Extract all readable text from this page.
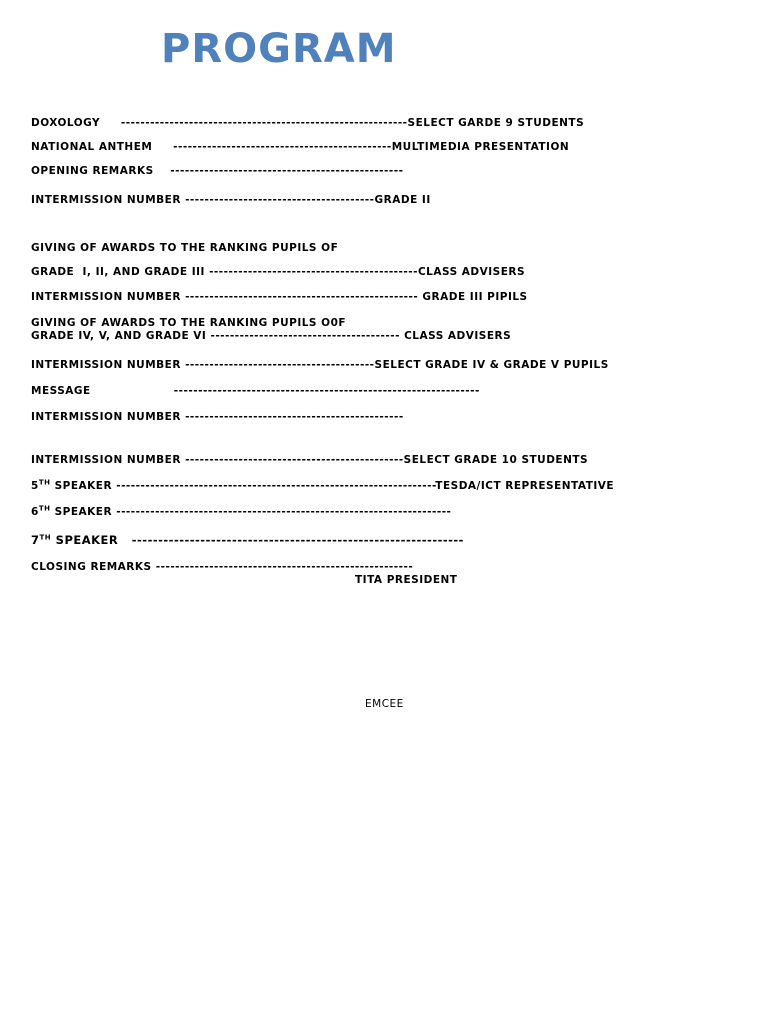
PROGRAM

DOXOLOGY     -----------------------------------------------------------SELECT GARDE 9 STUDENTS

NATIONAL ANTHEM     ---------------------------------------------MULTIMEDIA PRESENTATION

OPENING REMARKS    ------------------------------------------------

INTERMISSION NUMBER ---------------------------------------GRADE II

GIVING OF AWARDS TO THE RANKING PUPILS OF

GRADE  I, II, AND GRADE III -------------------------------------------CLASS ADVISERS

INTERMISSION NUMBER ------------------------------------------------ GRADE III PIPILS

GIVING OF AWARDS TO THE RANKING PUPILS O0F

GRADE IV, V, AND GRADE VI --------------------------------------- CLASS ADVISERS

INTERMISSION NUMBER ---------------------------------------SELECT GRADE IV & GRADE V PUPILS

MESSAGE                    ---------------------------------------------------------------

INTERMISSION NUMBER ---------------------------------------------

INTERMISSION NUMBER ---------------------------------------------SELECT GRADE 10 STUDENTS

5TH SPEAKER ------------------------------------------------------------------TESDA/ICT REPRESENTATIVE

6TH SPEAKER ---------------------------------------------------------------------

7TH SPEAKER   ---------------------------------------------------------------

CLOSING REMARKS -----------------------------------------------------

TITA PRESIDENT

EMCEE
